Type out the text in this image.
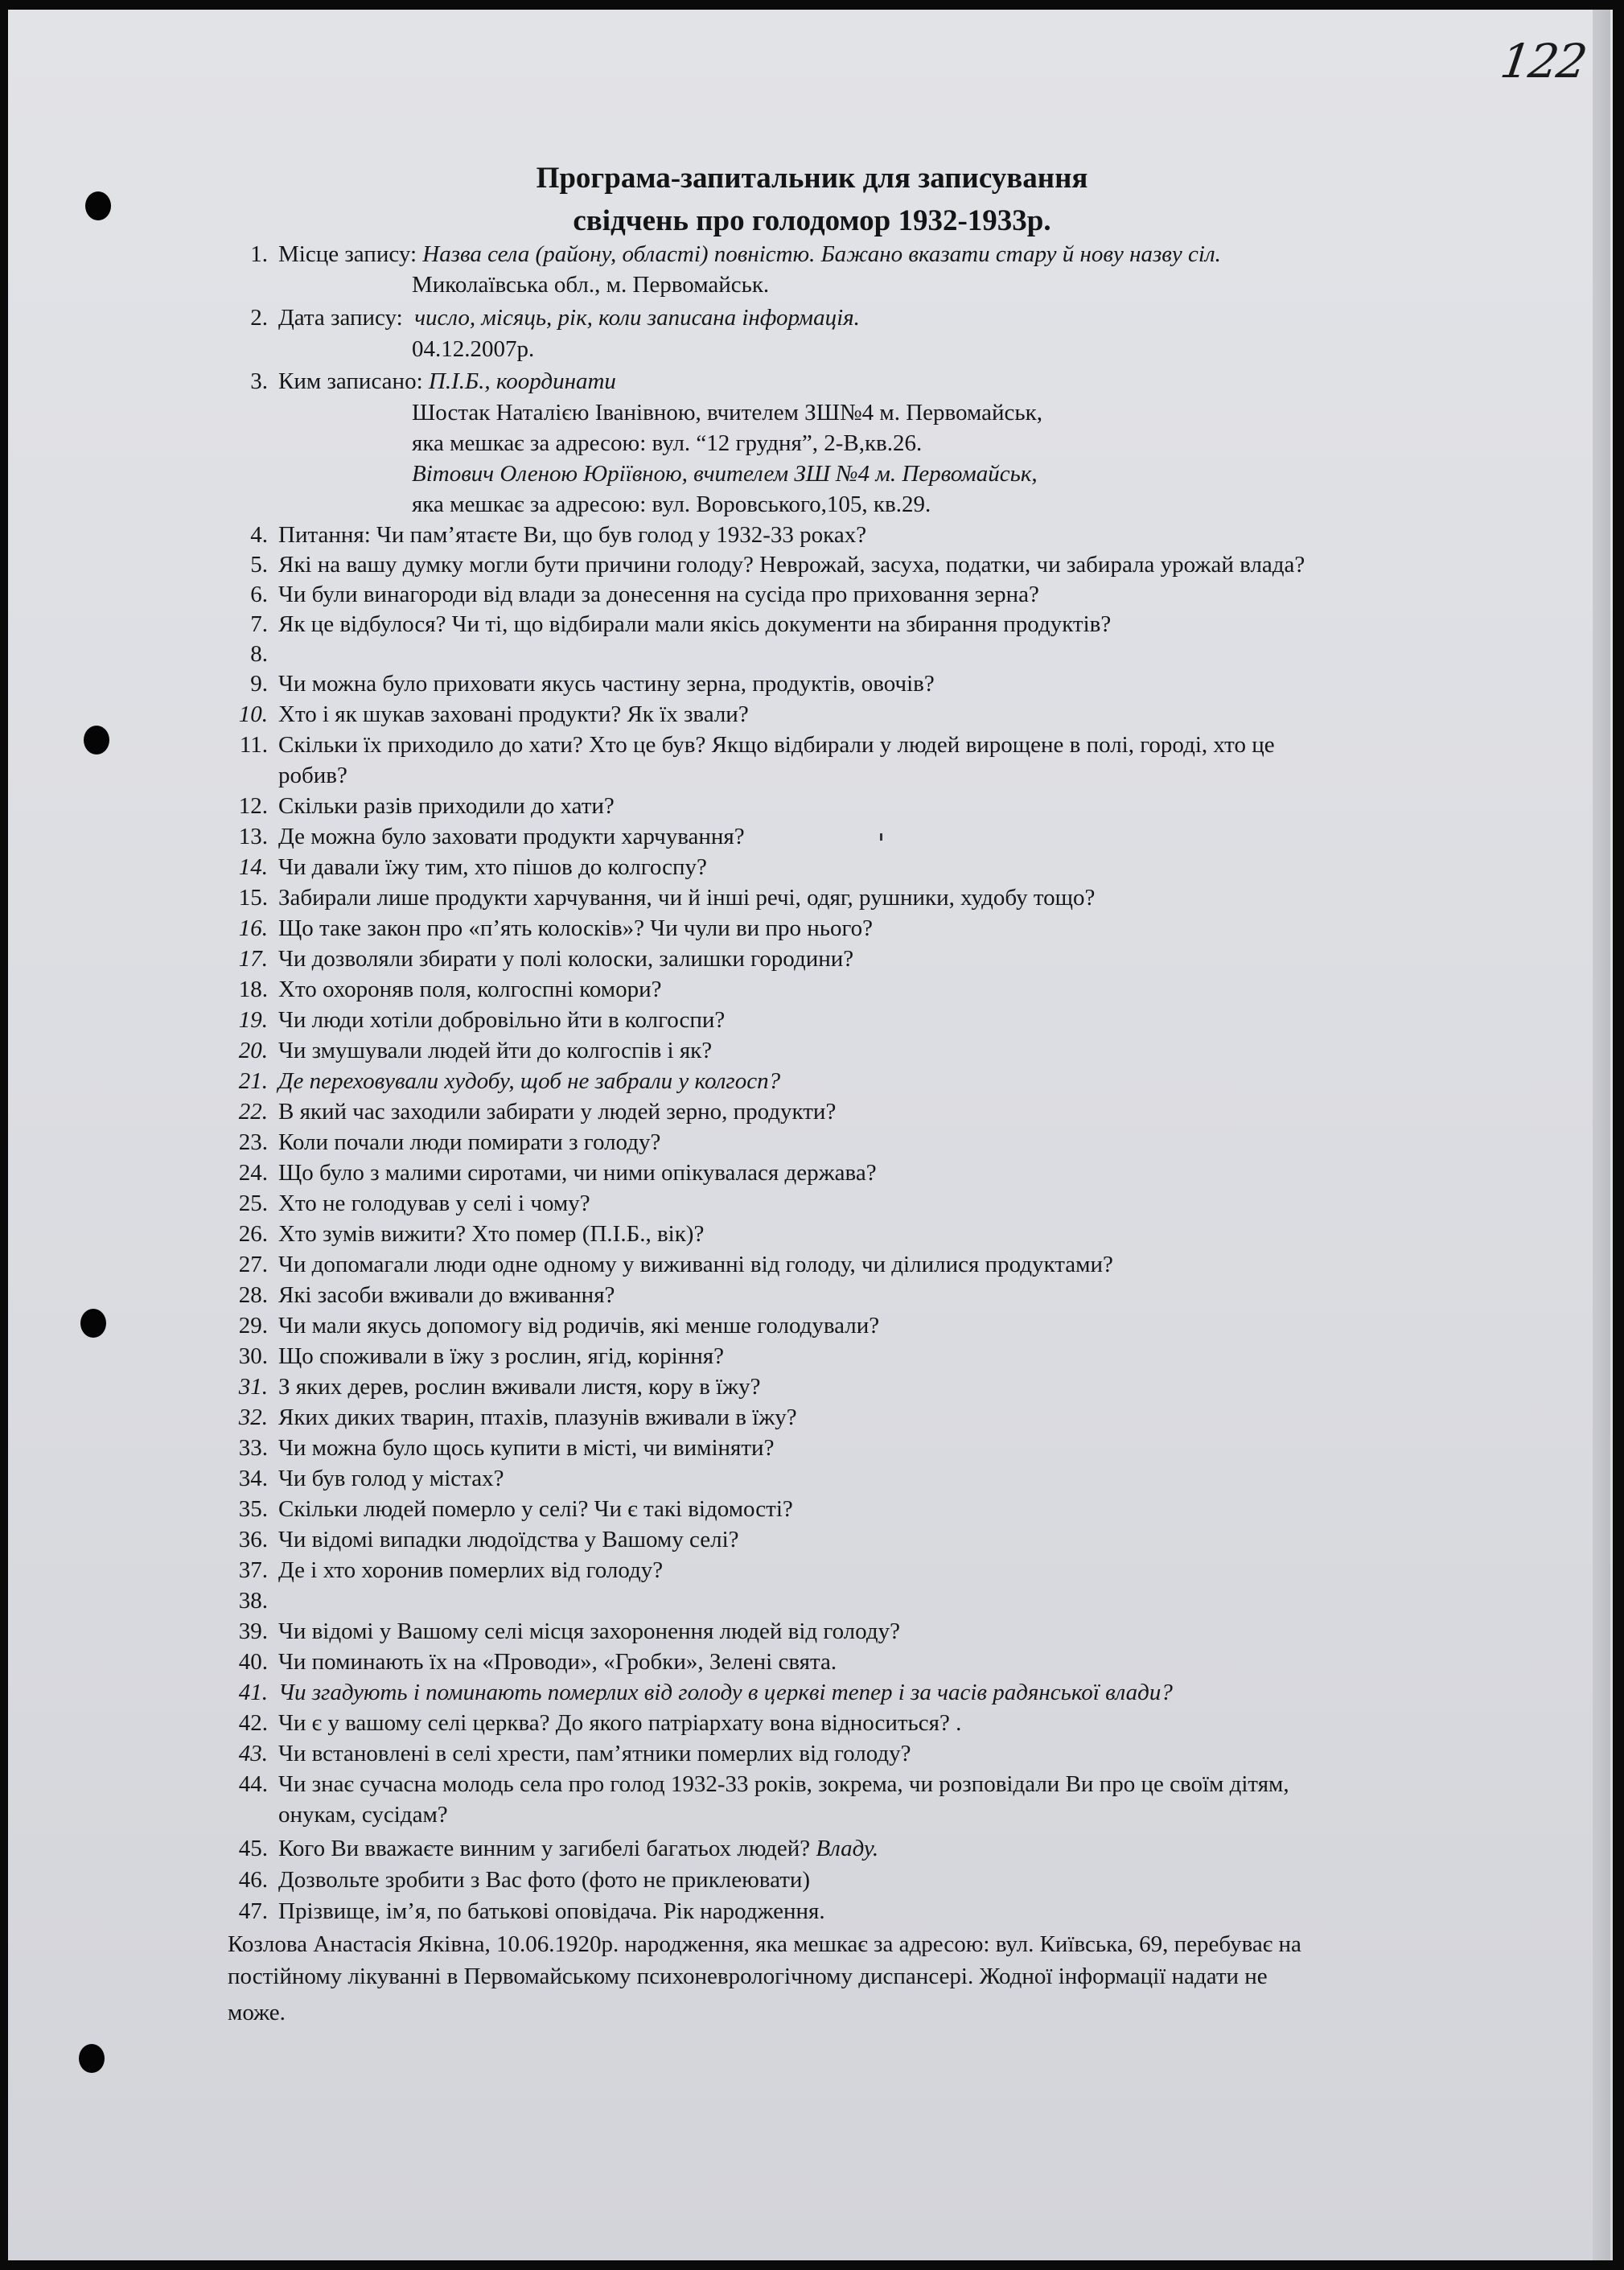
122
Програма-запитальник для записування
свідчень про голодомор 1932-1933р.
1. Місце запису: Назва села (району, області) повністю. Бажано вказати стару й нову назву сіл.
Миколаївська обл., м. Первомайськ.
2. Дата запису: число, місяць, рік, коли записана інформація.
04.12.2007р.
3. Ким записано: П.І.Б., координати
Шостак Наталією Іванівною, вчителем ЗШ№4 м. Первомайськ,
яка мешкає за адресою: вул. “12 грудня”, 2-В,кв.26.
Вітович Оленою Юріївною, вчителем ЗШ №4 м. Первомайськ,
яка мешкає за адресою: вул. Воровського,105, кв.29.
4. Питання: Чи пам’ятаєте Ви, що був голод у 1932-33 роках?
5. Які на вашу думку могли бути причини голоду? Неврожай, засуха, податки, чи забирала урожай влада?
6. Чи були винагороди від влади за донесення на сусіда про приховання зерна?
7. Як це відбулося? Чи ті, що відбирали мали якісь документи на збирання продуктів?
8.
9. Чи можна було приховати якусь частину зерна, продуктів, овочів?
10. Хто і як шукав заховані продукти? Як їх звали?
11. Скільки їх приходило до хати? Хто це був? Якщо відбирали у людей вирощене в полі, городі, хто це
робив?
12. Скільки разів приходили до хати?
13. Де можна було заховати продукти харчування?
14. Чи давали їжу тим, хто пішов до колгоспу?
15. Забирали лише продукти харчування, чи й інші речі, одяг, рушники, худобу тощо?
16. Що таке закон про «п’ять колосків»? Чи чули ви про нього?
17. Чи дозволяли збирати у полі колоски, залишки городини?
18. Хто охороняв поля, колгоспні комори?
19. Чи люди хотіли добровільно йти в колгоспи?
20. Чи змушували людей йти до колгоспів і як?
21. Де переховували худобу, щоб не забрали у колгосп?
22. В який час заходили забирати у людей зерно, продукти?
23. Коли почали люди помирати з голоду?
24. Що було з малими сиротами, чи ними опікувалася держава?
25. Хто не голодував у селі і чому?
26. Хто зумів вижити? Хто помер (П.І.Б., вік)?
27. Чи допомагали люди одне одному у виживанні від голоду, чи ділилися продуктами?
28. Які засоби вживали до вживання?
29. Чи мали якусь допомогу від родичів, які менше голодували?
30. Що споживали в їжу з рослин, ягід, коріння?
31. З яких дерев, рослин вживали листя, кору в їжу?
32. Яких диких тварин, птахів, плазунів вживали в їжу?
33. Чи можна було щось купити в місті, чи виміняти?
34. Чи був голод у містах?
35. Скільки людей померло у селі? Чи є такі відомості?
36. Чи відомі випадки людоїдства у Вашому селі?
37. Де і хто хоронив померлих від голоду?
38.
39. Чи відомі у Вашому селі місця захоронення людей від голоду?
40. Чи поминають їх на «Проводи», «Гробки», Зелені свята.
41. Чи згадують і поминають померлих від голоду в церкві тепер і за часів радянської влади?
42. Чи є у вашому селі церква? До якого патріархату вона відноситься? .
43. Чи встановлені в селі хрести, пам’ятники померлих від голоду?
44. Чи знає сучасна молодь села про голод 1932-33 років, зокрема, чи розповідали Ви про це своїм дітям,
онукам, сусідам?
45. Кого Ви вважаєте винним у загибелі багатьох людей? Владу.
46. Дозвольте зробити з Вас фото (фото не приклеювати)
47. Прізвище, ім’я, по батькові оповідача. Рік народження.
Козлова Анастасія Яківна, 10.06.1920р. народження, яка мешкає за адресою: вул. Київська, 69, перебуває на
постійному лікуванні в Первомайському психоневрологічному диспансері. Жодної інформації надати не
може.
